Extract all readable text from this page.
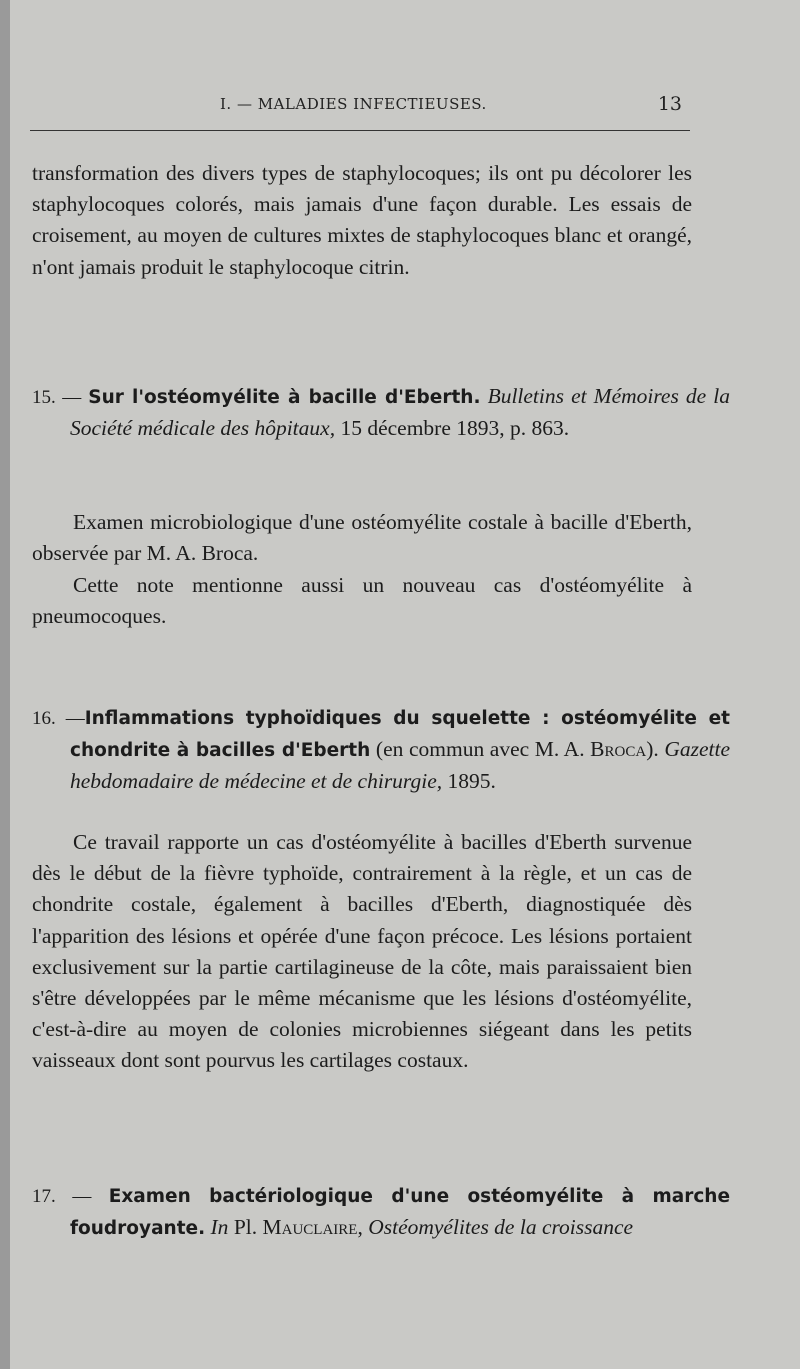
I. — MALADIES INFECTIEUSES.	13

transformation des divers types de staphylocoques; ils ont pu décolorer les staphylocoques colorés, mais jamais d'une façon durable. Les essais de croisement, au moyen de cultures mixtes de staphylocoques blanc et orangé, n'ont jamais produit le staphylocoque citrin.

15. — Sur l'ostéomyélite à bacille d'Eberth. Bulletins et Mémoires de la Société médicale des hôpitaux, 15 décembre 1893, p. 863.

Examen microbiologique d'une ostéomyélite costale à bacille d'Eberth, observée par M. A. Broca.

Cette note mentionne aussi un nouveau cas d'ostéomyélite à pneumocoques.

16. —Inflammations typhoïdiques du squelette : ostéomyélite et chondrite à bacilles d'Eberth (en commun avec M. A. Broca). Gazette hebdomadaire de médecine et de chirurgie, 1895.

Ce travail rapporte un cas d'ostéomyélite à bacilles d'Eberth survenue dès le début de la fièvre typhoïde, contrairement à la règle, et un cas de chondrite costale, également à bacilles d'Eberth, diagnostiquée dès l'apparition des lésions et opérée d'une façon précoce. Les lésions portaient exclusivement sur la partie cartilagineuse de la côte, mais paraissaient bien s'être développées par le même mécanisme que les lésions d'ostéomyélite, c'est-à-dire au moyen de colonies microbiennes siégeant dans les petits vaisseaux dont sont pourvus les cartilages costaux.

17. — Examen bactériologique d'une ostéomyélite à marche foudroyante. In Pl. Mauclaire, Ostéomyélites de la croissance
